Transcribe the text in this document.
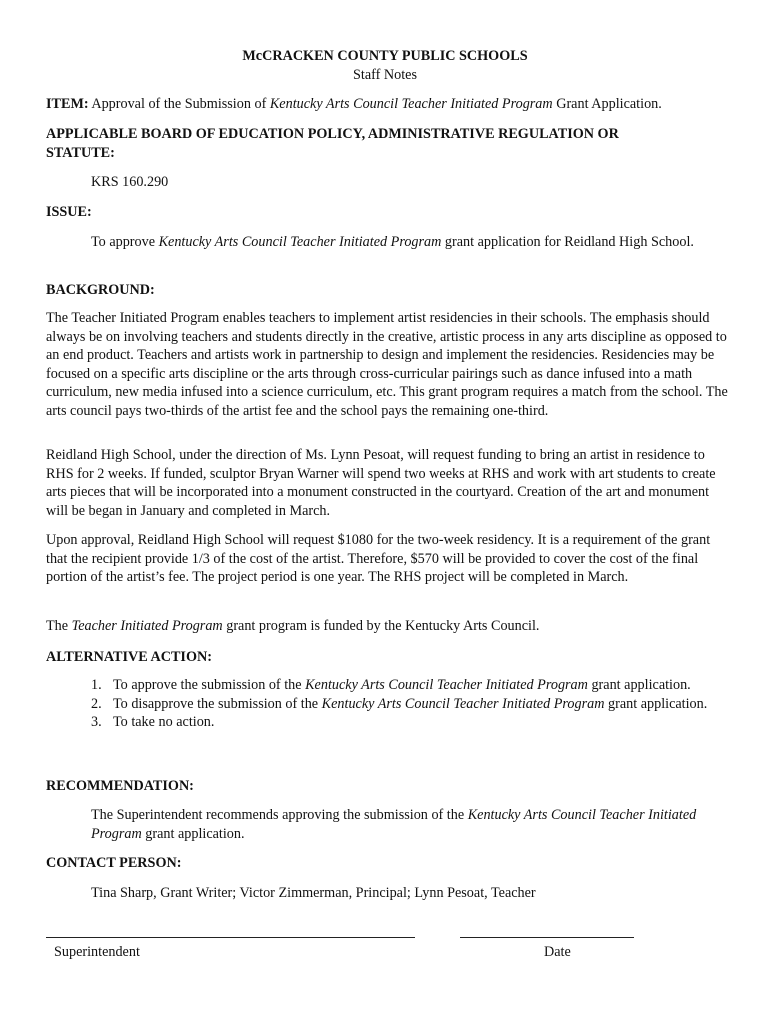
McCRACKEN COUNTY PUBLIC SCHOOLS
Staff Notes
ITEM: Approval of the Submission of Kentucky Arts Council Teacher Initiated Program Grant Application.
APPLICABLE BOARD OF EDUCATION POLICY, ADMINISTRATIVE REGULATION OR
STATUTE:
KRS 160.290
ISSUE:
To approve Kentucky Arts Council Teacher Initiated Program grant application for Reidland High School.
BACKGROUND:
The Teacher Initiated Program enables teachers to implement artist residencies in their schools. The emphasis should always be on involving teachers and students directly in the creative, artistic process in any arts discipline as opposed to an end product. Teachers and artists work in partnership to design and implement the residencies. Residencies may be focused on a specific arts discipline or the arts through cross-curricular pairings such as dance infused into a math curriculum, new media infused into a science curriculum, etc. This grant program requires a match from the school. The arts council pays two-thirds of the artist fee and the school pays the remaining one-third.
Reidland High School, under the direction of Ms. Lynn Pesoat, will request funding to bring an artist in residence to RHS for 2 weeks. If funded, sculptor Bryan Warner will spend two weeks at RHS and work with art students to create arts pieces that will be incorporated into a monument constructed in the courtyard. Creation of the art and monument will be began in January and completed in March.
Upon approval, Reidland High School will request $1080 for the two-week residency. It is a requirement of the grant that the recipient provide 1/3 of the cost of the artist. Therefore, $570 will be provided to cover the cost of the final portion of the artist’s fee. The project period is one year. The RHS project will be completed in March.
The Teacher Initiated Program grant program is funded by the Kentucky Arts Council.
ALTERNATIVE ACTION:
1. To approve the submission of the Kentucky Arts Council Teacher Initiated Program grant application.
2. To disapprove the submission of the Kentucky Arts Council Teacher Initiated Program grant application.
3. To take no action.
RECOMMENDATION:
The Superintendent recommends approving the submission of the Kentucky Arts Council Teacher Initiated Program grant application.
CONTACT PERSON:
Tina Sharp, Grant Writer; Victor Zimmerman, Principal; Lynn Pesoat, Teacher
Superintendent	Date
